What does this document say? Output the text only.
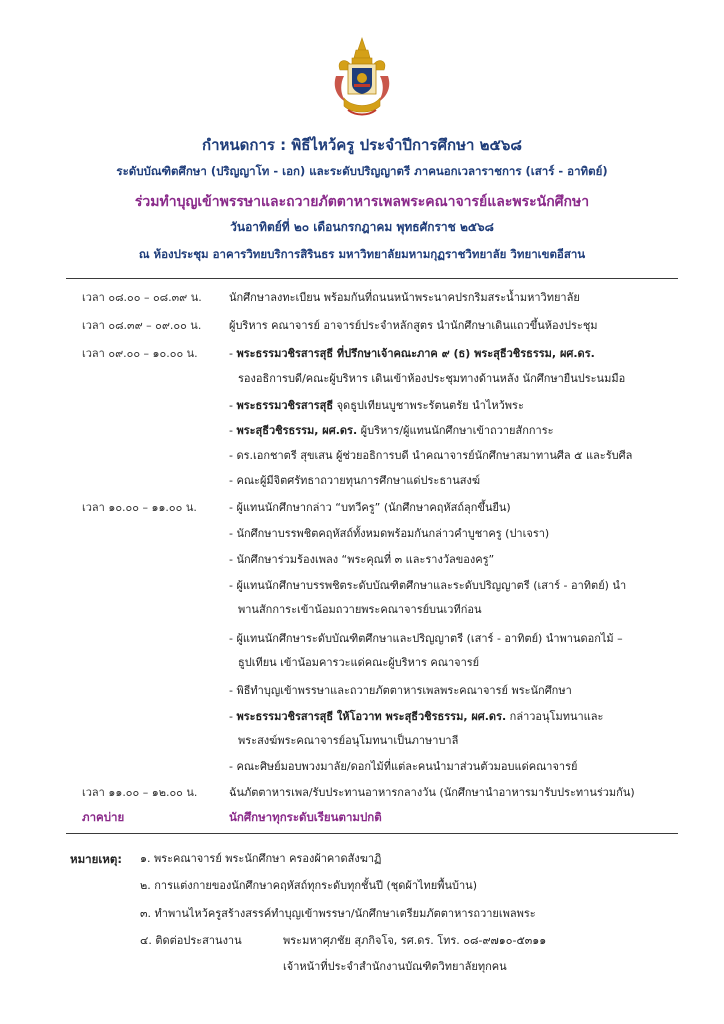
กำหนดการ : พิธีไหว้ครู ประจำปีการศึกษา ๒๕๖๘
ระดับบัณฑิตศึกษา (ปริญญาโท - เอก) และระดับปริญญาตรี ภาคนอกเวลาราชการ (เสาร์ - อาทิตย์)
ร่วมทำบุญเข้าพรรษาและถวายภัตตาหารเพลพระคณาจารย์และพระนักศึกษา
วันอาทิตย์ที่ ๒๐ เดือนกรกฎาคม พุทธศักราช ๒๕๖๘
ณ ห้องประชุม อาคารวิทยบริการสิรินธร มหาวิทยาลัยมหามกุฏราชวิทยาลัย วิทยาเขตอีสาน
เวลา ๐๘.๐๐ – ๐๘.๓๙ น. นักศึกษาลงทะเบียน พร้อมกันที่ถนนหน้าพระนาคปรกริมสระน้ำมหาวิทยาลัย
เวลา ๐๘.๓๙ – ๐๙.๐๐ น.	ผู้บริหาร คณาจารย์ อาจารย์ประจำหลักสูตร นำนักศึกษาเดินแถวขึ้นห้องประชุม
เวลา ๐๙.๐๐ – ๑๐.๐๐ น.	- พระธรรมวชิรสารสุธี ที่ปรึกษาเจ้าคณะภาค ๙ (ธ) พระสุธีวชิรธรรม, ผศ.ดร.
รองอธิการบดี/คณะผู้บริหาร เดินเข้าห้องประชุมทางด้านหลัง นักศึกษายืนประนมมือ
- พระธรรมวชิรสารสุธี จุดธูปเทียนบูชาพระรัตนตรัย นำไหว้พระ
- พระสุธีวชิรธรรม, ผศ.ดร. ผู้บริหาร/ผู้แทนนักศึกษาเข้าถวายสักการะ
- ดร.เอกชาตรี สุขเสน ผู้ช่วยอธิการบดี นำคณาจารย์นักศึกษาสมาทานศีล ๕ และรับศีล
- คณะผู้มีจิตศรัทธาถวายทุนการศึกษาแด่ประธานสงฆ์
เวลา ๑๐.๐๐ – ๑๑.๐๐ น.	- ผู้แทนนักศึกษากล่าว “บทวีครู” (นักศึกษาคฤหัสถ์ลุกขึ้นยืน)
- นักศึกษาบรรพชิตคฤหัสถ์ทั้งหมดพร้อมกันกล่าวคำบูชาครู (ปาเจรา)
- นักศึกษาร่วมร้องเพลง “พระคุณที่ ๓ และรางวัลของครู”
- ผู้แทนนักศึกษาบรรพชิตระดับบัณฑิตศึกษาและระดับปริญญาตรี (เสาร์ - อาทิตย์) นำ
พานสักการะเข้าน้อมถวายพระคณาจารย์บนเวทีก่อน
- ผู้แทนนักศึกษาระดับบัณฑิตศึกษาและปริญญาตรี (เสาร์ - อาทิตย์) นำพานดอกไม้ –
ธูปเทียน เข้าน้อมคารวะแด่คณะผู้บริหาร คณาจารย์
- พิธีทำบุญเข้าพรรษาและถวายภัตตาหารเพลพระคณาจารย์ พระนักศึกษา
- พระธรรมวชิรสารสุธี ให้โอวาท พระสุธีวชิรธรรม, ผศ.ดร. กล่าวอนุโมทนาและ
พระสงฆ์พระคณาจารย์อนุโมทนาเป็นภาษาบาลี
- คณะศิษย์มอบพวงมาลัย/ดอกไม้ที่แต่ละคนนำมาส่วนตัวมอบแด่คณาจารย์
เวลา ๑๑.๐๐ – ๑๒.๐๐ น.	ฉันภัตตาหารเพล/รับประทานอาหารกลางวัน (นักศึกษานำอาหารมารับประทานร่วมกัน)
ภาคบ่าย	นักศึกษาทุกระดับเรียนตามปกติ
หมายเหตุ: ๑. พระคณาจารย์ พระนักศึกษา ครองผ้าคาดสังฆาฏิ
๒. การแต่งกายของนักศึกษาคฤหัสถ์ทุกระดับทุกชั้นปี (ชุดผ้าไทยพื้นบ้าน)
๓. ทำพานไหว้ครูสร้างสรรค์ทำบุญเข้าพรรษา/นักศึกษาเตรียมภัตตาหารถวายเพลพระ
๔. ติดต่อประสานงาน	พระมหาศุภชัย สุภกิจโจ, รศ.ดร. โทร. ๐๘-๙๗๑๐-๕๓๑๑
เจ้าหน้าที่ประจำสำนักงานบัณฑิตวิทยาลัยทุกคน
